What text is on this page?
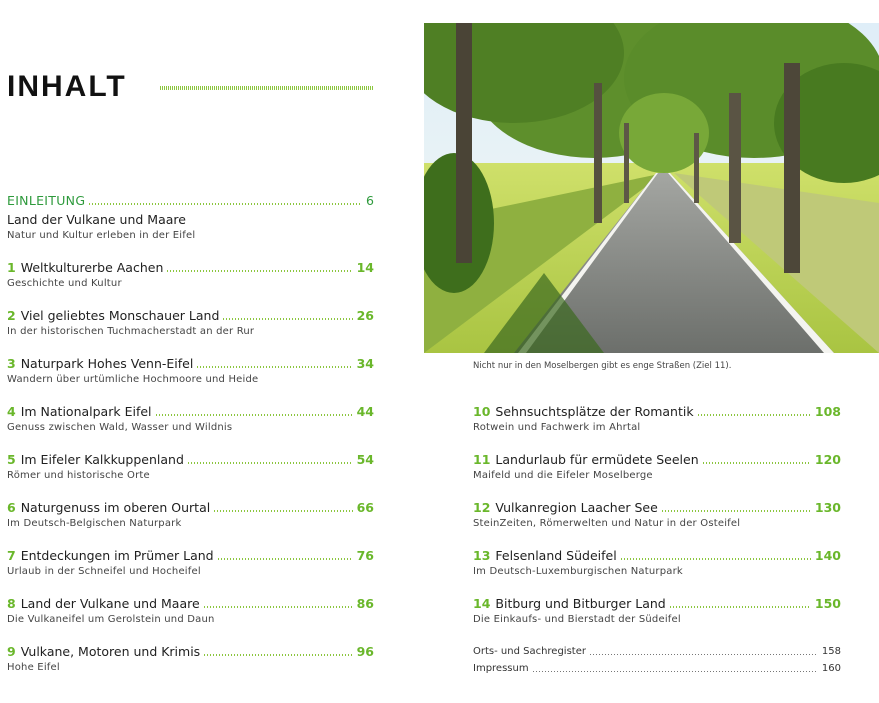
INHALT
EINLEITUNG	6
Land der Vulkane und Maare
Natur und Kultur erleben in der Eifel
1 Weltkulturerbe Aachen	14
Geschichte und Kultur
2 Viel geliebtes Monschauer Land	26
In der historischen Tuchmacherstadt an der Rur
3 Naturpark Hohes Venn-Eifel	34
Wandern über urtümliche Hochmoore und Heide
4 Im Nationalpark Eifel	44
Genuss zwischen Wald, Wasser und Wildnis
5 Im Eifeler Kalkkuppenland	54
Römer und historische Orte
6 Naturgenuss im oberen Ourtal	66
Im Deutsch-Belgischen Naturpark
7 Entdeckungen im Prümer Land	76
Urlaub in der Schneifel und Hocheifel
8 Land der Vulkane und Maare	86
Die Vulkaneifel um Gerolstein und Daun
9 Vulkane, Motoren und Krimis	96
Hohe Eifel

Nicht nur in den Moselbergen gibt es enge Straßen (Ziel 11).

10 Sehnsuchtsplätze der Romantik	108
Rotwein und Fachwerk im Ahrtal
11 Landurlaub für ermüdete Seelen	120
Maifeld und die Eifeler Moselberge
12 Vulkanregion Laacher See	130
SteinZeiten, Römerwelten und Natur in der Osteifel
13 Felsenland Südeifel	140
Im Deutsch-Luxemburgischen Naturpark
14 Bitburg und Bitburger Land	150
Die Einkaufs- und Bierstadt der Südeifel
Orts- und Sachregister	158
Impressum	160
